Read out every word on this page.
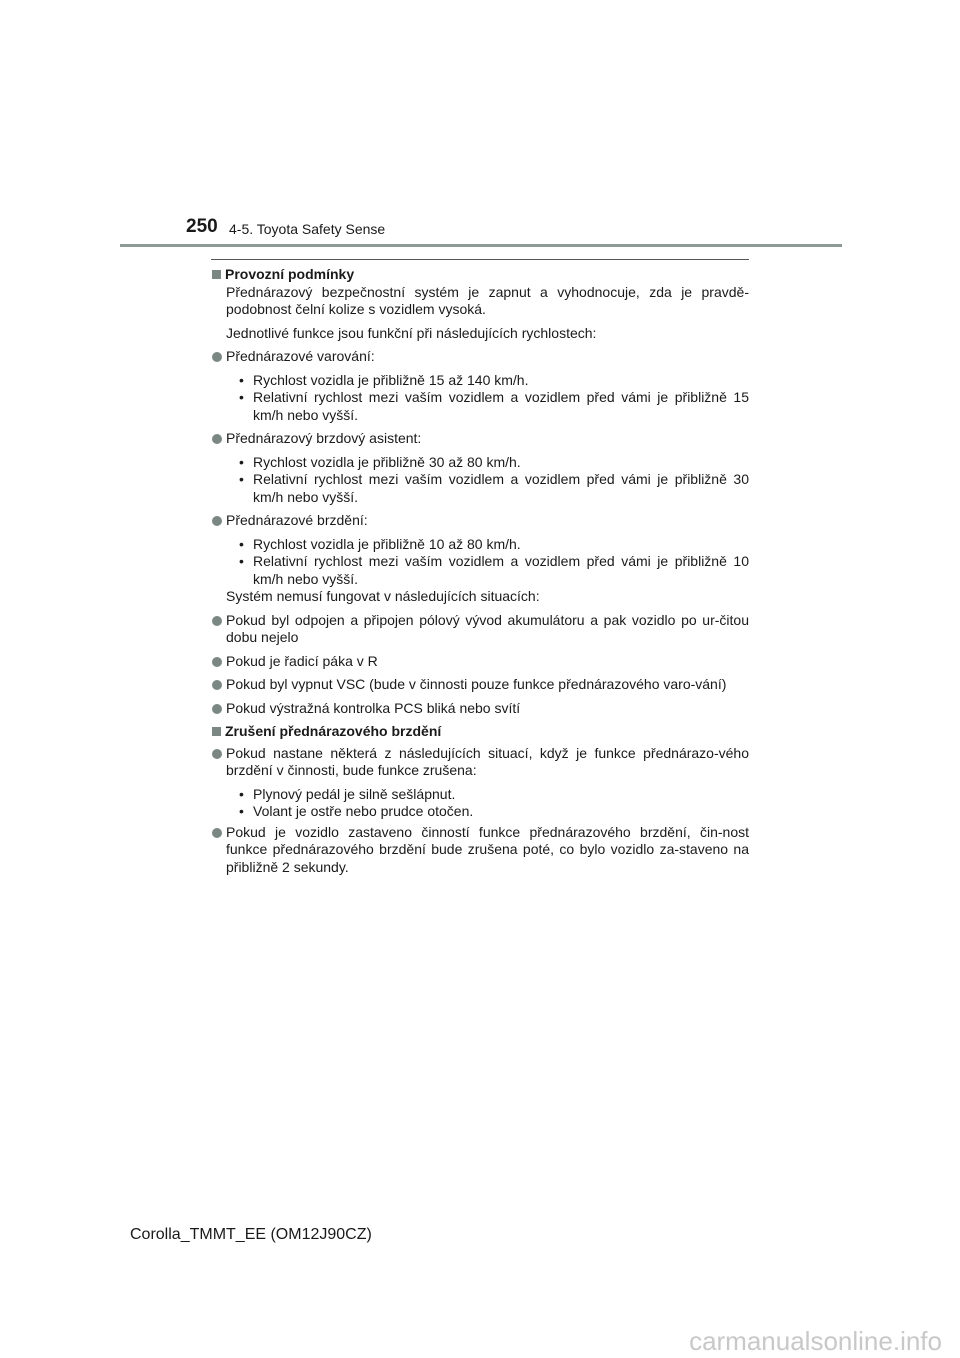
250 4-5. Toyota Safety Sense
Provozní podmínky
Přednárazový bezpečnostní systém je zapnut a vyhodnocuje, zda je pravdě-podobnost čelní kolize s vozidlem vysoká.
Jednotlivé funkce jsou funkční při následujících rychlostech:
Přednárazové varování:
• Rychlost vozidla je přibližně 15 až 140 km/h.
• Relativní rychlost mezi vaším vozidlem a vozidlem před vámi je přibližně 15 km/h nebo vyšší.
Přednárazový brzdový asistent:
• Rychlost vozidla je přibližně 30 až 80 km/h.
• Relativní rychlost mezi vaším vozidlem a vozidlem před vámi je přibližně 30 km/h nebo vyšší.
Přednárazové brzdění:
• Rychlost vozidla je přibližně 10 až 80 km/h.
• Relativní rychlost mezi vaším vozidlem a vozidlem před vámi je přibližně 10 km/h nebo vyšší.
Systém nemusí fungovat v následujících situacích:
Pokud byl odpojen a připojen pólový vývod akumulátoru a pak vozidlo po ur-čitou dobu nejelo
Pokud je řadicí páka v R
Pokud byl vypnut VSC (bude v činnosti pouze funkce přednárazového varo-vání)
Pokud výstražná kontrolka PCS bliká nebo svítí
Zrušení přednárazového brzdění
Pokud nastane některá z následujících situací, když je funkce přednárazo-vého brzdění v činnosti, bude funkce zrušena:
• Plynový pedál je silně sešlápnut.
• Volant je ostře nebo prudce otočen.
Pokud je vozidlo zastaveno činností funkce přednárazového brzdění, čin-nost funkce přednárazového brzdění bude zrušena poté, co bylo vozidlo za-staveno na přibližně 2 sekundy.
Corolla_TMMT_EE (OM12J90CZ)
carmanualsonline.info
